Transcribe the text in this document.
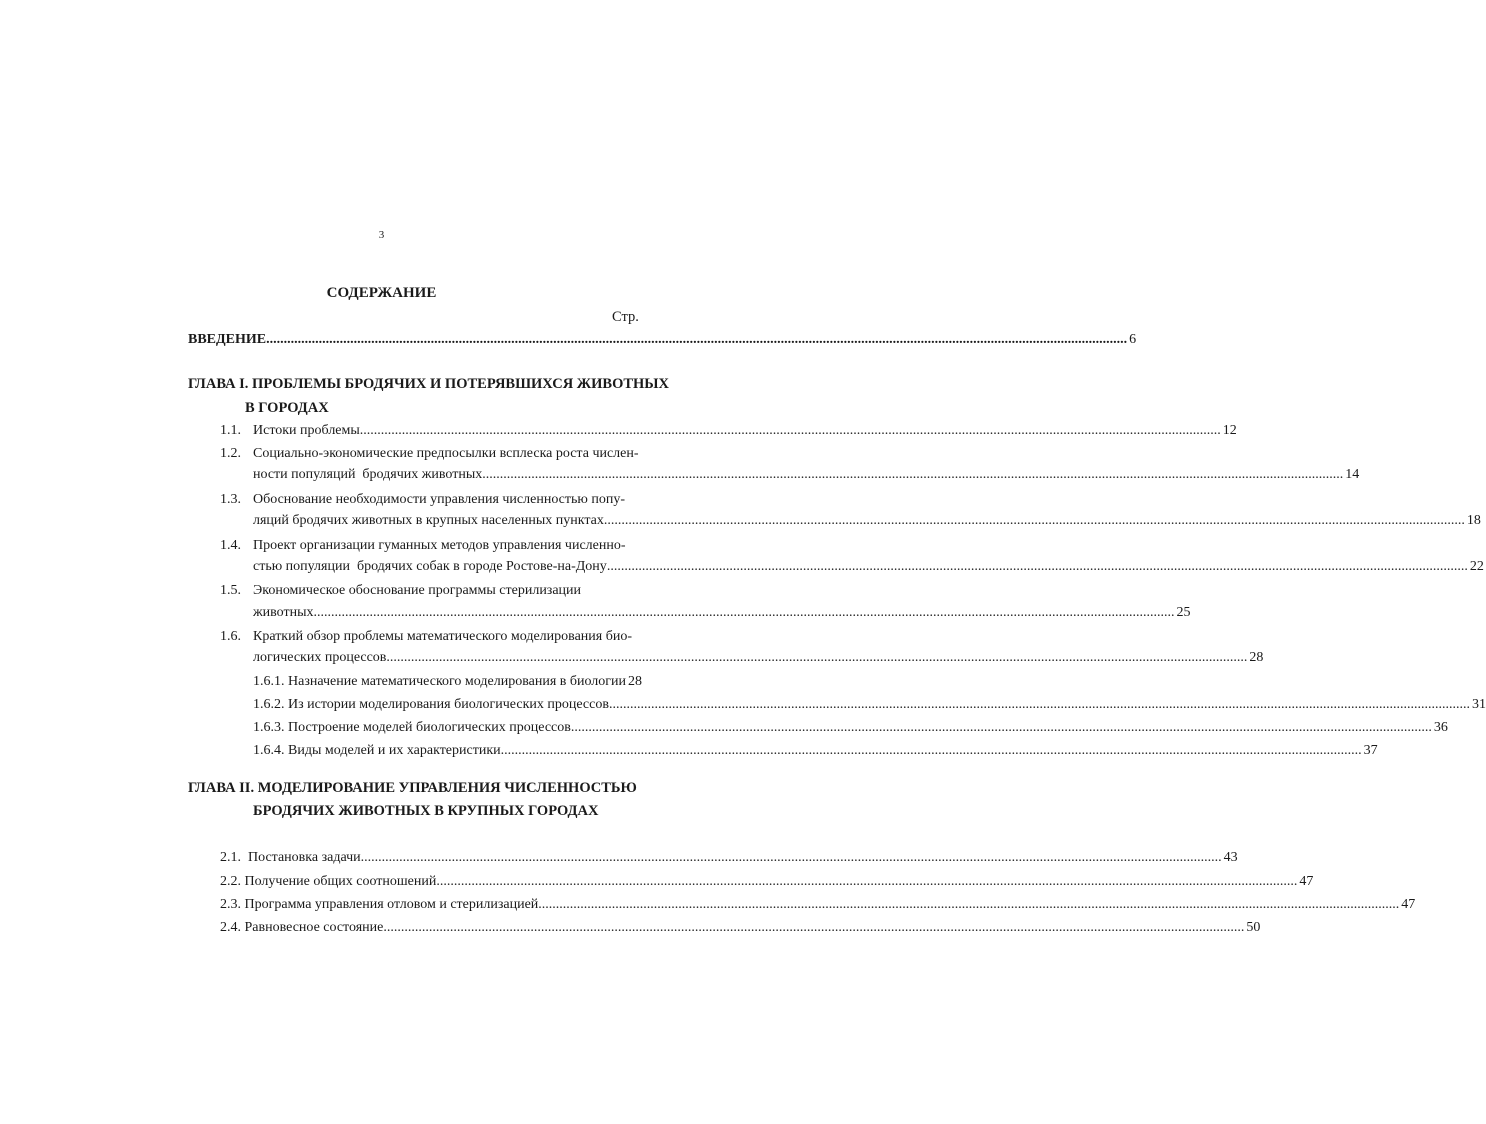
3
СОДЕРЖАНИЕ
Стр.
ВВЕДЕНИЕ .....	6
ГЛАВА I. ПРОБЛЕМЫ БРОДЯЧИХ И ПОТЕРЯВШИХСЯ ЖИВОТНЫХ
В ГОРОДАХ
1.1. Истоки проблемы .....	12
1.2. Социально-экономические предпосылки всплеска роста числен-
ности популяций  бродячих животных .....	14
1.3. Обоснование необходимости управления численностью попу-
ляций бродячих животных в крупных населенных пунктах .....	18
1.4. Проект организации гуманных методов управления численно-
стью популяции  бродячих собак в городе Ростове-на-Дону .....	22
1.5. Экономическое обоснование программы стерилизации
животных .....	25
1.6. Краткий обзор проблемы математического моделирования био-
логических процессов .....	28
1.6.1. Назначение математического моделирования в биологии 28
1.6.2. Из истории моделирования биологических процессов .....	31
1.6.3. Построение моделей биологических процессов .....	36
1.6.4. Виды моделей и их характеристики .....	37
ГЛАВА II. МОДЕЛИРОВАНИЕ УПРАВЛЕНИЯ ЧИСЛЕННОСТЬЮ
БРОДЯЧИХ ЖИВОТНЫХ В КРУПНЫХ ГОРОДАХ
2.1.  Постановка задачи .....	43
2.2. Получение общих соотношений .....	47
2.3. Программа управления отловом и стерилизацией .....	47
2.4. Равновесное состояние .....	50
